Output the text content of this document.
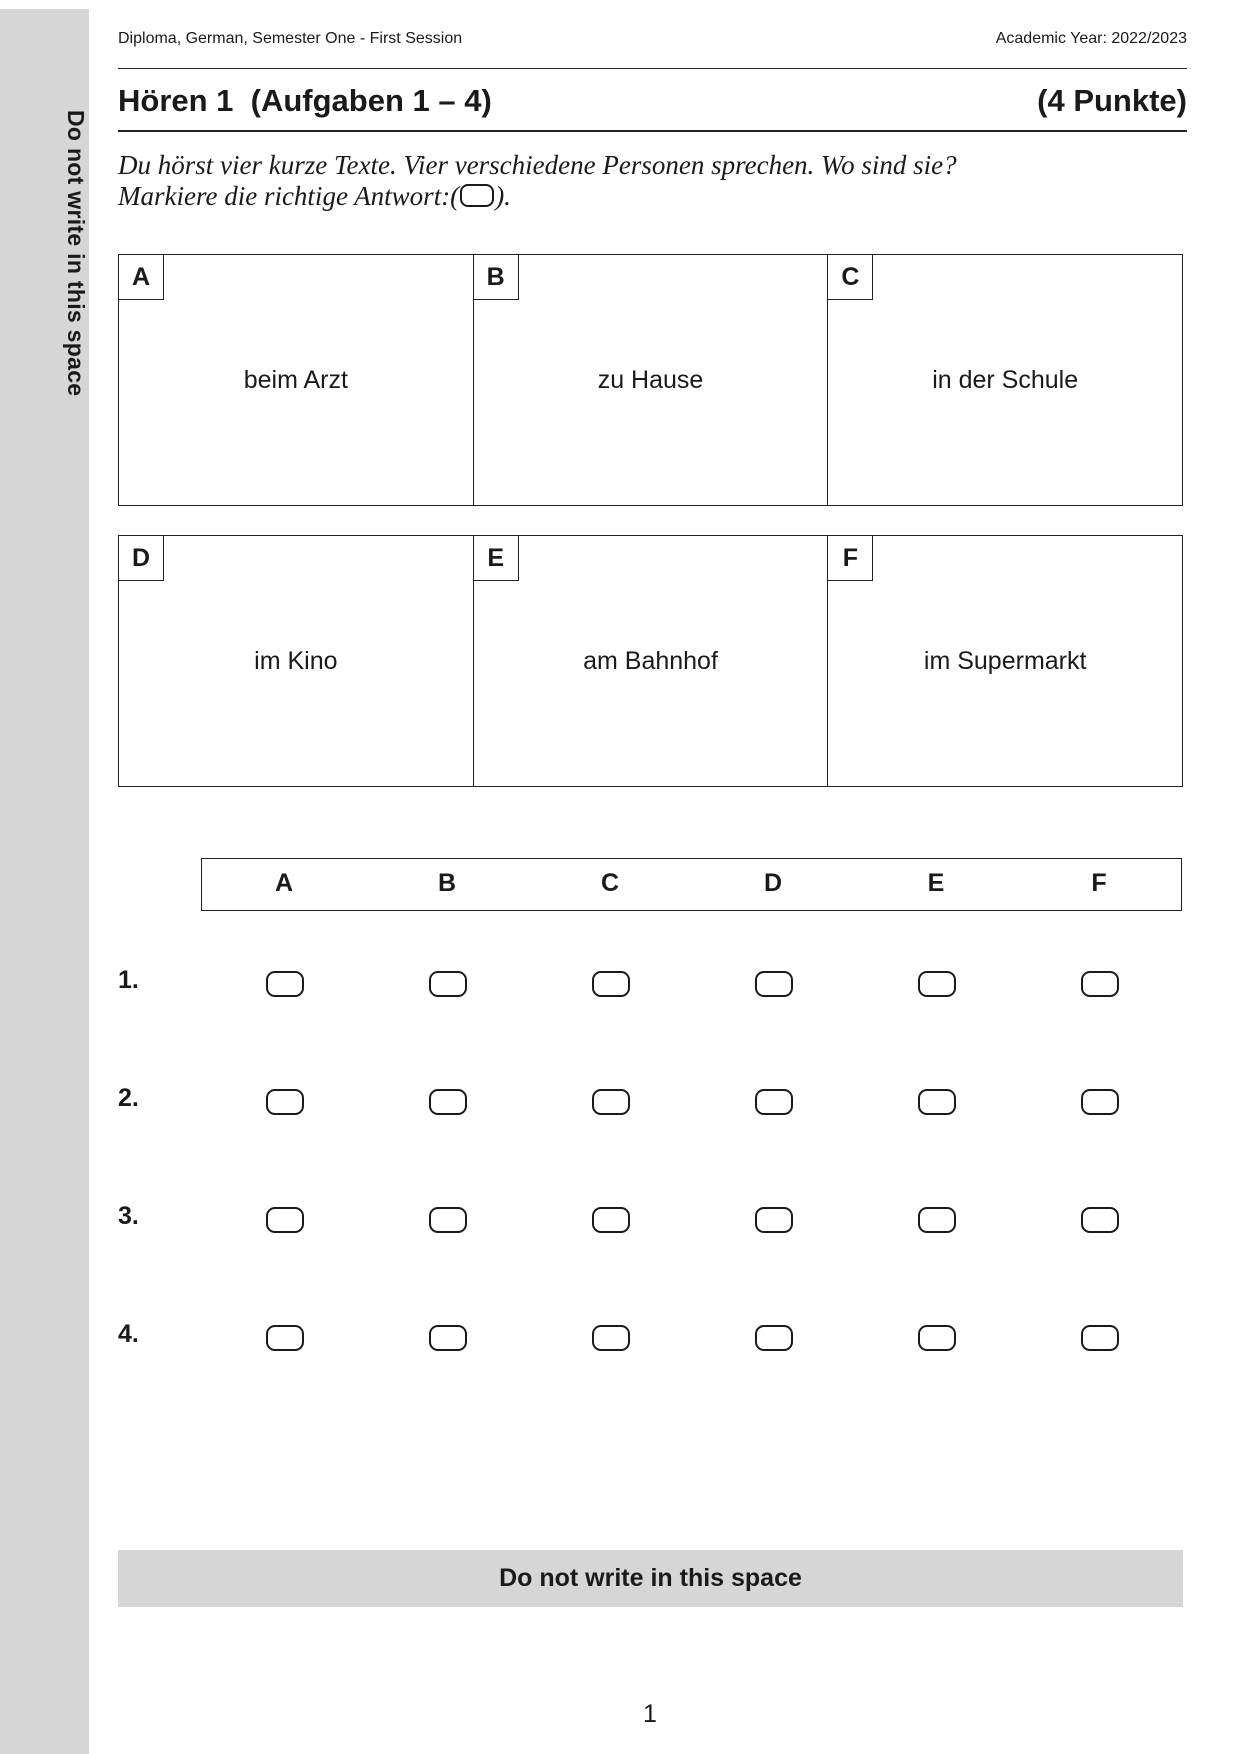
Do not write in this space
Diploma, German, Semester One - First Session	Academic Year: 2022/2023
Hören 1  (Aufgaben 1 – 4)	(4 Punkte)
Du hörst vier kurze Texte. Vier verschiedene Personen sprechen. Wo sind sie?
Markiere die richtige Antwort:( ).
A
beim Arzt
B
zu Hause
C
in der Schule
D
im Kino
E
am Bahnhof
F
im Supermarkt
A	B	C	D	E	F
1.
2.
3.
4.
Do not write in this space
1
